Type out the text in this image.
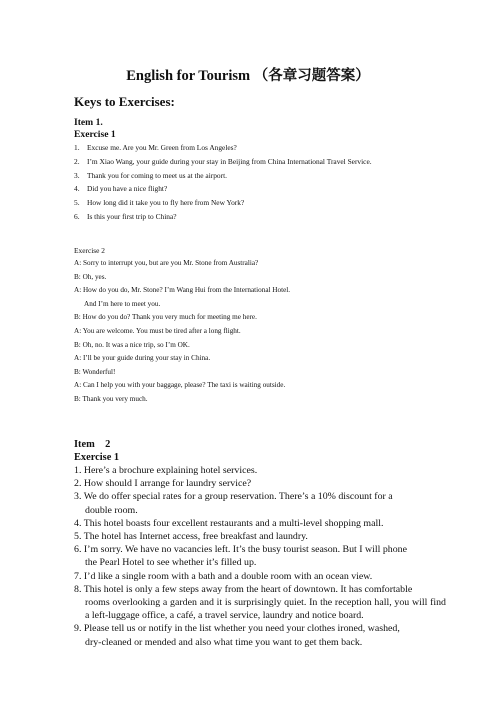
English for Tourism （各章习题答案）
Keys to Exercises:
Item 1.
Exercise 1
1.	Excuse me. Are you Mr. Green from Los Angeles?
2.	I’m Xiao Wang, your guide during your stay in Beijing from China International Travel Service.
3.	Thank you for coming to meet us at the airport.
4.	Did you have a nice flight?
5.	How long did it take you to fly here from New York?
6.	Is this your first trip to China?
Exercise 2
A: Sorry to interrupt you, but are you Mr. Stone from Australia?
B: Oh, yes.
A: How do you do, Mr. Stone? I’m Wang Hui from the International Hotel.
And I’m here to meet you.
B: How do you do? Thank you very much for meeting me here.
A: You are welcome. You must be tired after a long flight.
B: Oh, no. It was a nice trip, so I’m OK.
A: I’ll be your guide during your stay in China.
B: Wonderful!
A: Can I help you with your baggage, please? The taxi is waiting outside.
B: Thank you very much.
Item　2
Exercise 1
1. Here’s a brochure explaining hotel services.
2. How should I arrange for laundry service?
3. We do offer special rates for a group reservation. There’s a 10% discount for a
double room.
4. This hotel boasts four excellent restaurants and a multi-level shopping mall.
5. The hotel has Internet access, free breakfast and laundry.
6. I’m sorry. We have no vacancies left. It’s the busy tourist season. But I will phone
the Pearl Hotel to see whether it’s filled up.
7. I’d like a single room with a bath and a double room with an ocean view.
8. This hotel is only a few steps away from the heart of downtown. It has comfortable
rooms overlooking a garden and it is surprisingly quiet. In the reception hall, you will find a left-luggage office, a café, a travel service, laundry and notice board.
9. Please tell us or notify in the list whether you need your clothes ironed, washed,
dry-cleaned or mended and also what time you want to get them back.
